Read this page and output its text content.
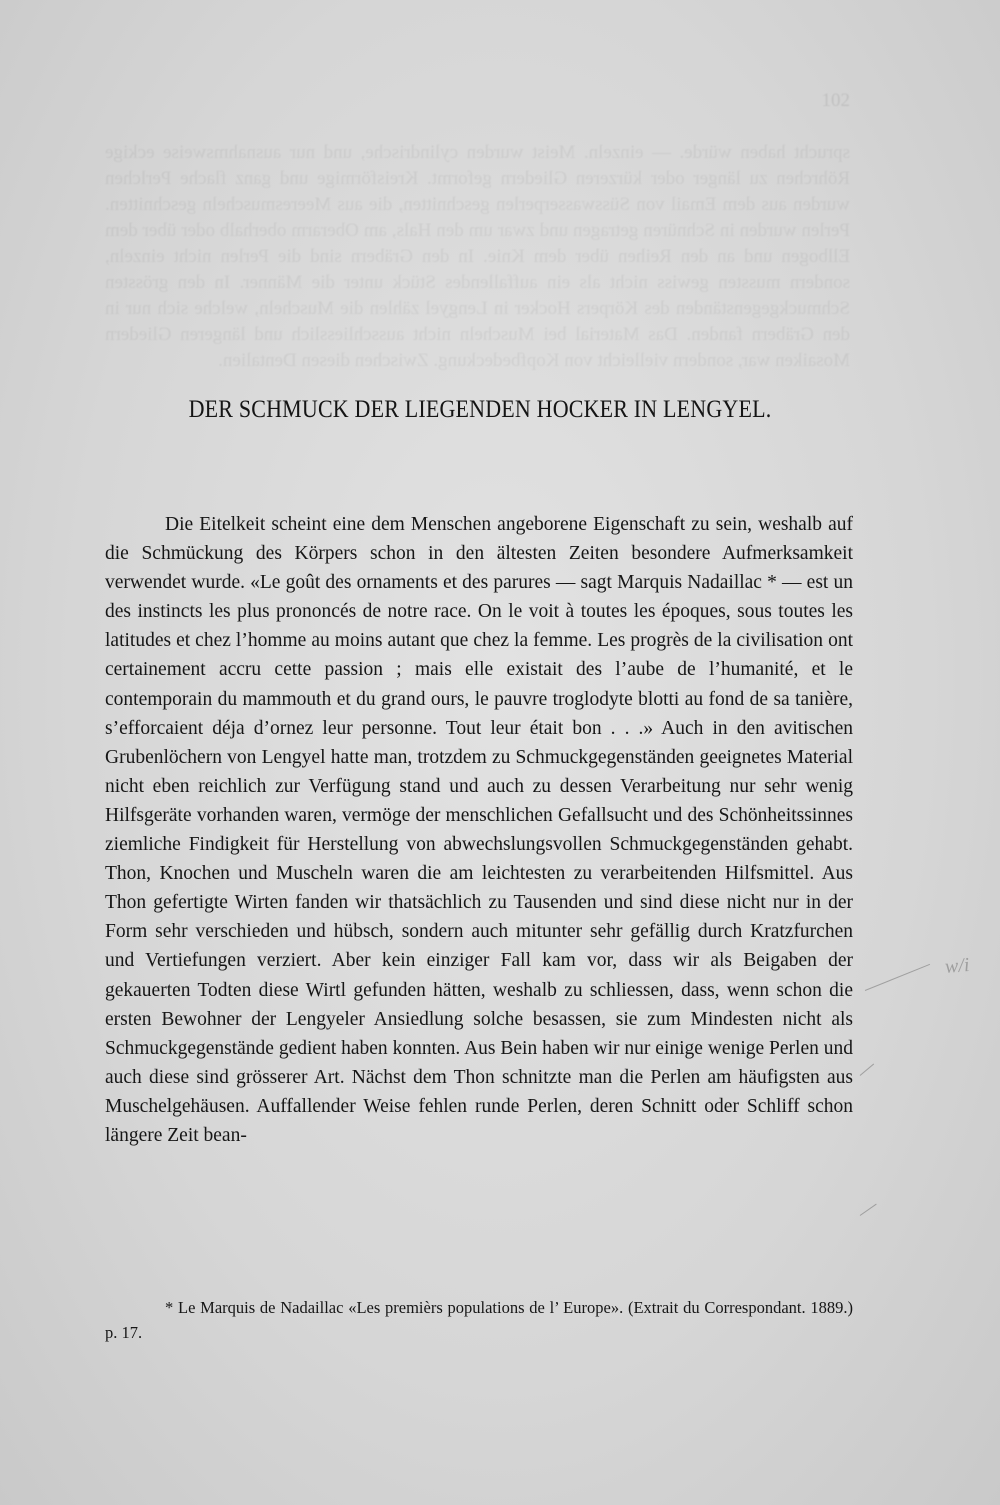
102
sprucht haben würde. — einzeln. Meist wurden cylindrische, und nur ausnahmsweise eckige Röhrchen zu länger oder kürzeren Gliedern geformt. Kreisförmige und ganz flache Perlchen wurden aus dem Email von Süsswasserperlen geschnitten, die aus Meeresmuscheln geschnitten. Perlen wurden in Schnüren getragen und zwar um den Hals, am Oberarm oberhalb oder über dem Ellbogen und an den Reihen über dem Knie. In den Gräbern sind die Perlen nicht einzeln, sondern mussten gewiss nicht als ein auffallendes Stück unter die Männer. In den grössten Schmuckgegenständen des Körpers Hocker in Lengyel zählen die Muscheln, welche sich nur in den Gräbern fanden. Das Material bei Muscheln nicht ausschliesslich und längeren Gliedern Mosaiken war, sondern vielleicht von Kopfbedeckung. Zwischen diesen Dentalien.
DER SCHMUCK DER LIEGENDEN HOCKER IN LENGYEL.

Die Eitelkeit scheint eine dem Menschen angeborene Eigenschaft zu sein, weshalb auf die Schmückung des Körpers schon in den ältesten Zeiten besondere Aufmerksamkeit verwendet wurde. «Le goût des ornaments et des parures — sagt Marquis Nadaillac * — est un des instincts les plus prononcés de notre race. On le voit à toutes les époques, sous toutes les latitudes et chez l’homme au moins autant que chez la femme. Les progrès de la civilisation ont certainement accru cette passion ; mais elle existait des l’aube de l’humanité, et le contemporain du mammouth et du grand ours, le pauvre troglodyte blotti au fond de sa tanière, s’efforcaient déja d’ornez leur personne. Tout leur était bon . . .» Auch in den avitischen Grubenlöchern von Lengyel hatte man, trotzdem zu Schmuckgegenständen geeignetes Material nicht eben reichlich zur Verfügung stand und auch zu dessen Verarbeitung nur sehr wenig Hilfsgeräte vorhanden waren, vermöge der menschlichen Gefallsucht und des Schönheitssinnes ziemliche Findigkeit für Herstellung von abwechslungsvollen Schmuckgegenständen gehabt. Thon, Knochen und Muscheln waren die am leichtesten zu verarbeitenden Hilfsmittel. Aus Thon gefertigte Wirten fanden wir thatsächlich zu Tausenden und sind diese nicht nur in der Form sehr verschieden und hübsch, sondern auch mitunter sehr gefällig durch Kratzfurchen und Vertiefungen verziert. Aber kein einziger Fall kam vor, dass wir als Beigaben der gekauerten Todten diese Wirtl gefunden hätten, weshalb zu schliessen, dass, wenn schon die ersten Bewohner der Lengyeler Ansiedlung solche besassen, sie zum Mindesten nicht als Schmuckgegenstände gedient haben konnten. Aus Bein haben wir nur einige wenige Perlen und auch diese sind grösserer Art. Nächst dem Thon schnitzte man die Perlen am häufigsten aus Muschelgehäusen. Auffallender Weise fehlen runde Perlen, deren Schnitt oder Schliff schon längere Zeit bean-

* Le Marquis de Nadaillac «Les premièrs populations de l’ Europe». (Extrait du Correspondant. 1889.) p. 17.

w/i
